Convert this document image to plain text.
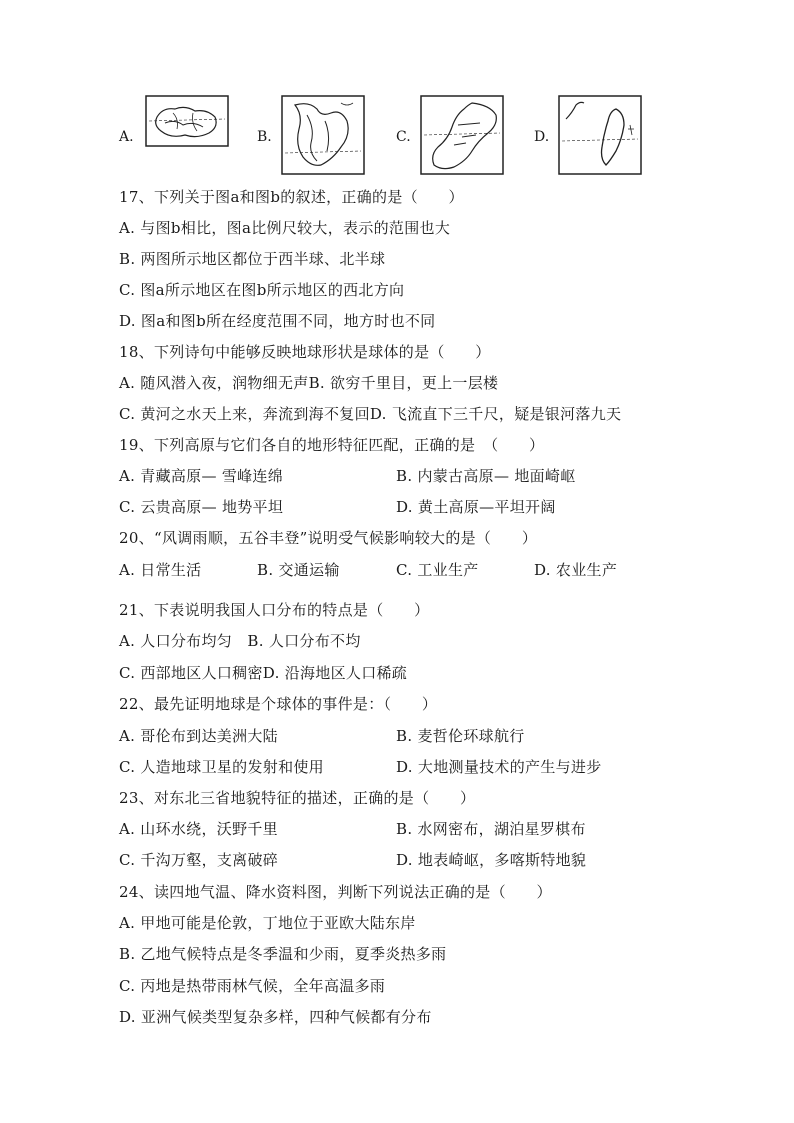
A.	B.	C.	D.
17、下列关于图a和图b的叙述，正确的是（　　）
A. 与图b相比，图a比例尺较大，表示的范围也大
B. 两图所示地区都位于西半球、北半球
C. 图a所示地区在图b所示地区的西北方向
D. 图a和图b所在经度范围不同，地方时也不同
18、下列诗句中能够反映地球形状是球体的是（　　）
A. 随风潜入夜，润物细无声B. 欲穷千里目，更上一层楼
C. 黄河之水天上来，奔流到海不复回D. 飞流直下三千尺，疑是银河落九天
19、下列高原与它们各自的地形特征匹配，正确的是　（　　）
A. 青藏高原— 雪峰连绵	B. 内蒙古高原— 地面崎岖
C. 云贵高原— 地势平坦	D. 黄土高原—平坦开阔
20、“风调雨顺，五谷丰登”说明受气候影响较大的是（　　）
A. 日常生活	B. 交通运输	C. 工业生产	D. 农业生产
21、下表说明我国人口分布的特点是（　　）
A. 人口分布均匀　B. 人口分布不均
C. 西部地区人口稠密D. 沿海地区人口稀疏
22、最先证明地球是个球体的事件是：（　　）
A. 哥伦布到达美洲大陆	B. 麦哲伦环球航行
C. 人造地球卫星的发射和使用	D. 大地测量技术的产生与进步
23、对东北三省地貌特征的描述，正确的是（　　）
A. 山环水绕，沃野千里	B. 水网密布，湖泊星罗棋布
C. 千沟万壑，支离破碎	D. 地表崎岖，多喀斯特地貌
24、读四地气温、降水资料图，判断下列说法正确的是（　　）
A. 甲地可能是伦敦，丁地位于亚欧大陆东岸
B. 乙地气候特点是冬季温和少雨，夏季炎热多雨
C. 丙地是热带雨林气候，全年高温多雨
D. 亚洲气候类型复杂多样，四种气候都有分布
